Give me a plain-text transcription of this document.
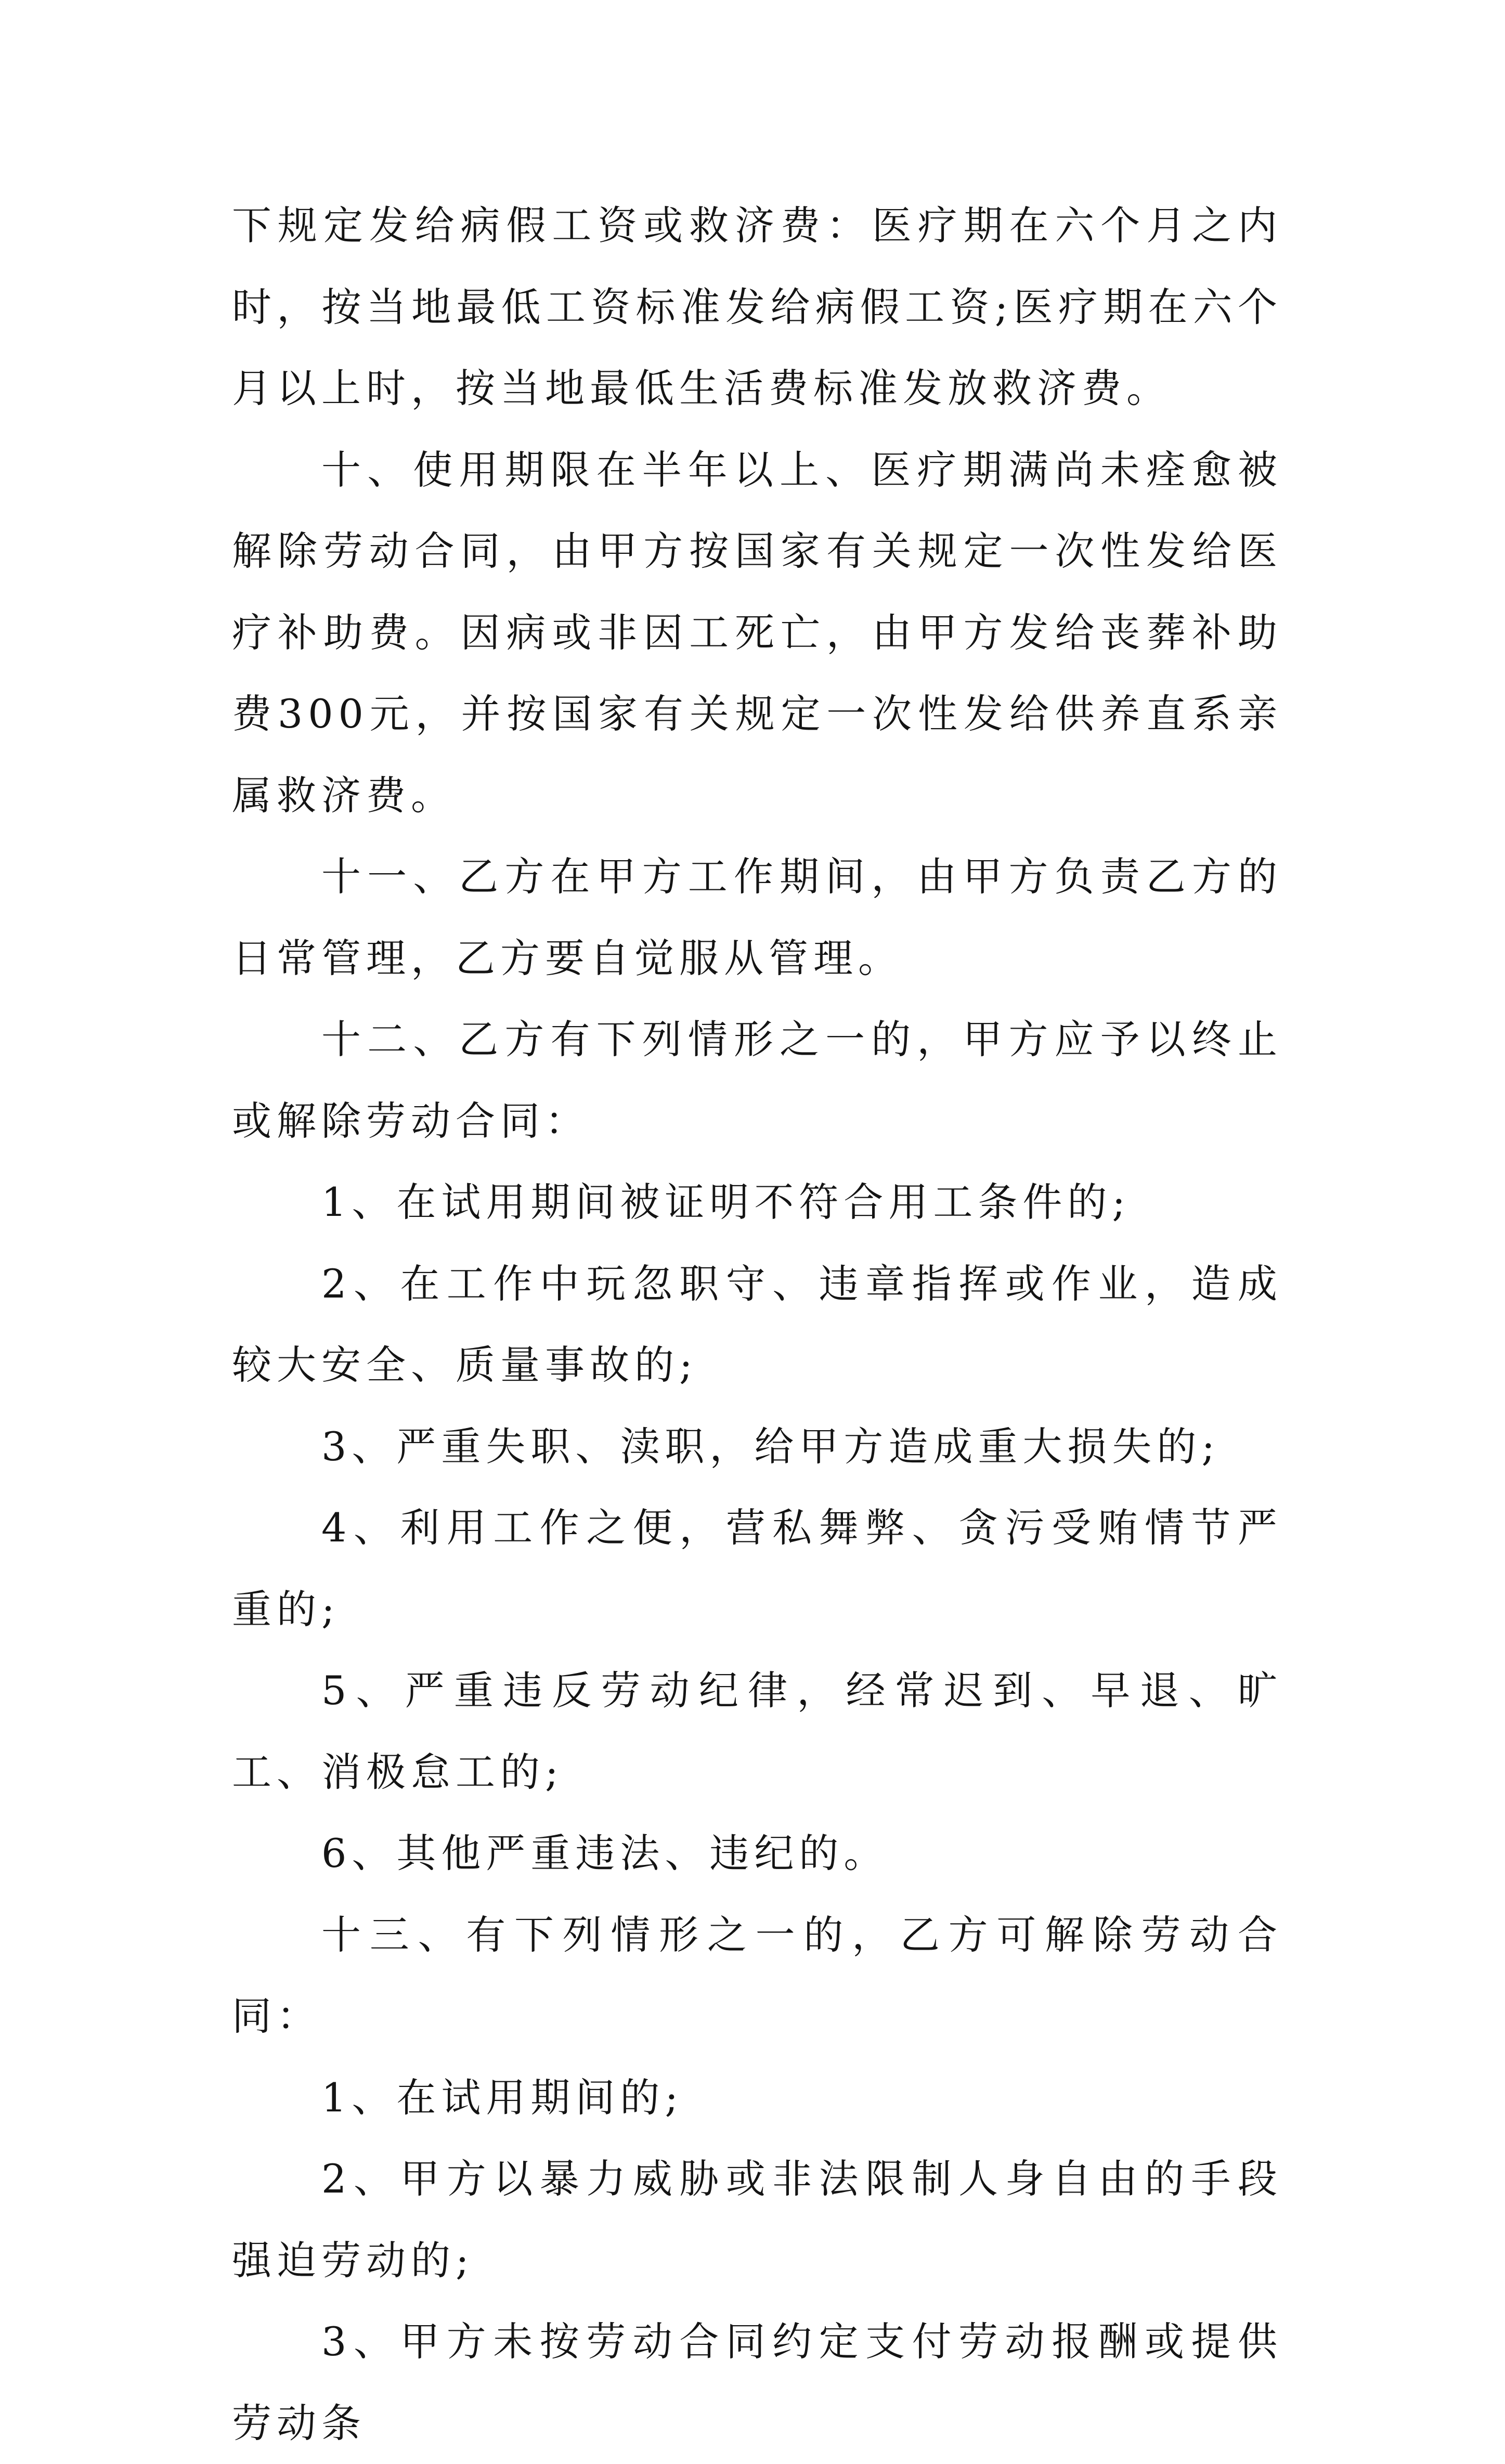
下规定发给病假工资或救济费：医疗期在六个月之内时，按当地最低工资标准发给病假工资;医疗期在六个月以上时，按当地最低生活费标准发放救济费。

十、使用期限在半年以上、医疗期满尚未痊愈被解除劳动合同，由甲方按国家有关规定一次性发给医疗补助费。因病或非因工死亡，由甲方发给丧葬补助费300元，并按国家有关规定一次性发给供养直系亲属救济费。

十一、乙方在甲方工作期间，由甲方负责乙方的日常管理，乙方要自觉服从管理。

十二、乙方有下列情形之一的，甲方应予以终止或解除劳动合同：

1、在试用期间被证明不符合用工条件的;

2、在工作中玩忽职守、违章指挥或作业，造成较大安全、质量事故的;

3、严重失职、渎职，给甲方造成重大损失的;

4、利用工作之便，营私舞弊、贪污受贿情节严重的;

5、严重违反劳动纪律，经常迟到、早退、旷工、消极怠工的;

6、其他严重违法、违纪的。

十三、有下列情形之一的，乙方可解除劳动合同：

1、在试用期间的;

2、甲方以暴力威胁或非法限制人身自由的手段强迫劳动的;

3、甲方未按劳动合同约定支付劳动报酬或提供劳动条
